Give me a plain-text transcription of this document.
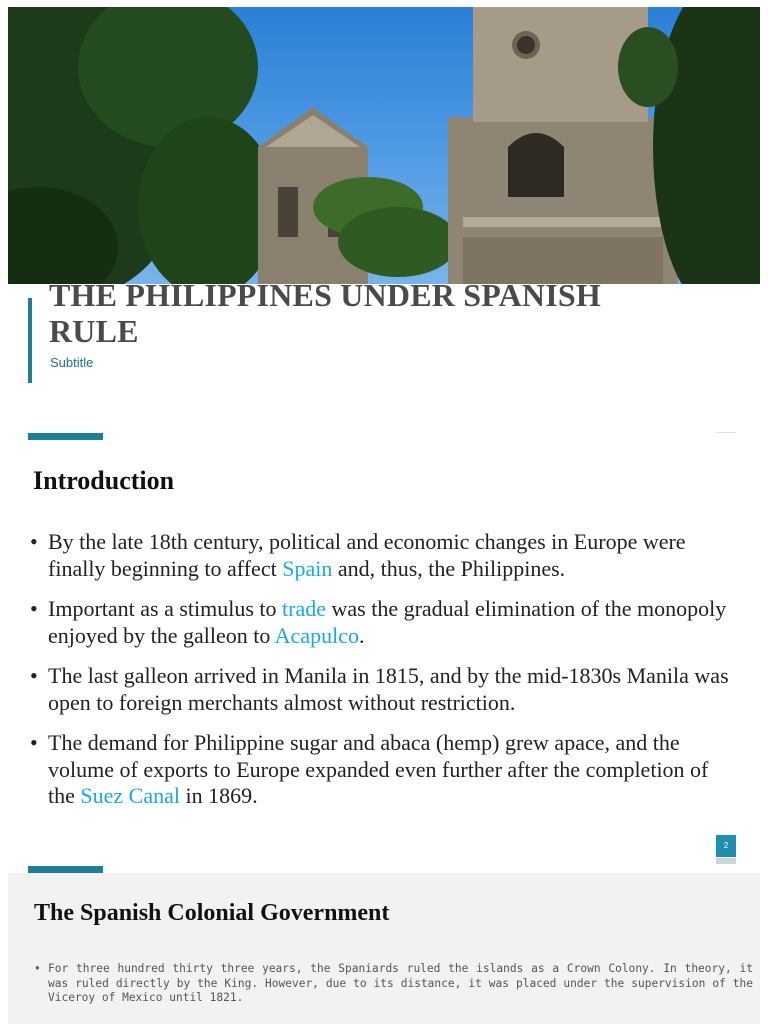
THE PHILIPPINES UNDER SPANISH
RULE
Subtitle
Introduction
• By the late 18th century, political and economic changes in Europe were finally beginning to affect Spain and, thus, the Philippines.
• Important as a stimulus to trade was the gradual elimination of the monopoly enjoyed by the galleon to Acapulco.
• The last galleon arrived in Manila in 1815, and by the mid-1830s Manila was open to foreign merchants almost without restriction.
• The demand for Philippine sugar and abaca (hemp) grew apace, and the volume of exports to Europe expanded even further after the completion of the Suez Canal in 1869.
2
The Spanish Colonial Government

• For three hundred thirty three years, the Spaniards ruled the islands as a Crown Colony. In theory, it was ruled directly by the King. However, due to its distance, it was placed under the supervision of the Viceroy of Mexico until 1821.
